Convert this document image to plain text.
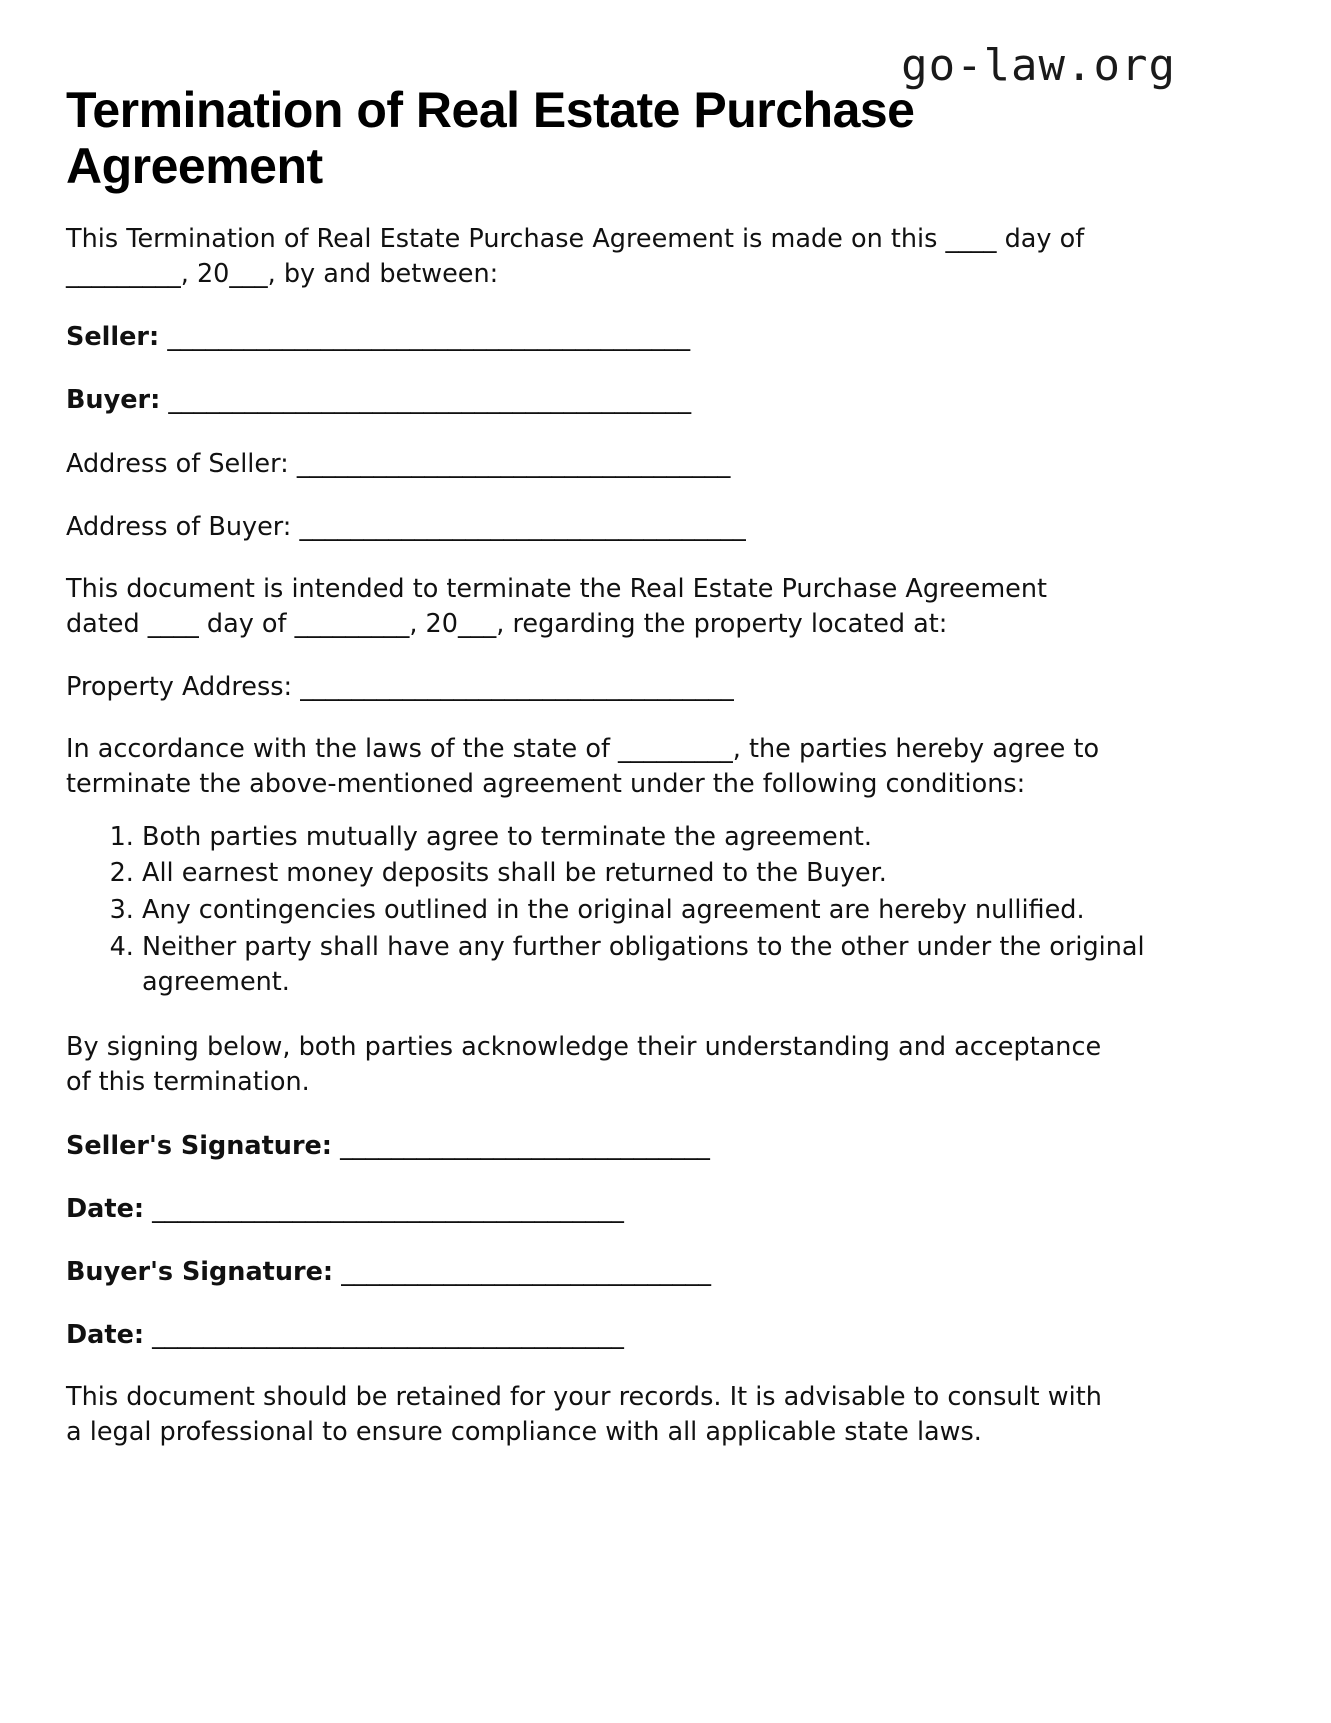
go-law.org
Termination of Real Estate Purchase Agreement

This Termination of Real Estate Purchase Agreement is made on this ____ day of _________, 20___, by and between:

Seller: _________________________________________
Buyer: _________________________________________
Address of Seller: __________________________________
Address of Buyer: ___________________________________

This document is intended to terminate the Real Estate Purchase Agreement dated ____ day of _________, 20___, regarding the property located at:

Property Address: __________________________________

In accordance with the laws of the state of _________, the parties hereby agree to terminate the above-mentioned agreement under the following conditions:

1. Both parties mutually agree to terminate the agreement.
2. All earnest money deposits shall be returned to the Buyer.
3. Any contingencies outlined in the original agreement are hereby nullified.
4. Neither party shall have any further obligations to the other under the original agreement.

By signing below, both parties acknowledge their understanding and acceptance of this termination.

Seller's Signature: _____________________________
Date: _____________________________________
Buyer's Signature: _____________________________
Date: _____________________________________

This document should be retained for your records. It is advisable to consult with a legal professional to ensure compliance with all applicable state laws.
